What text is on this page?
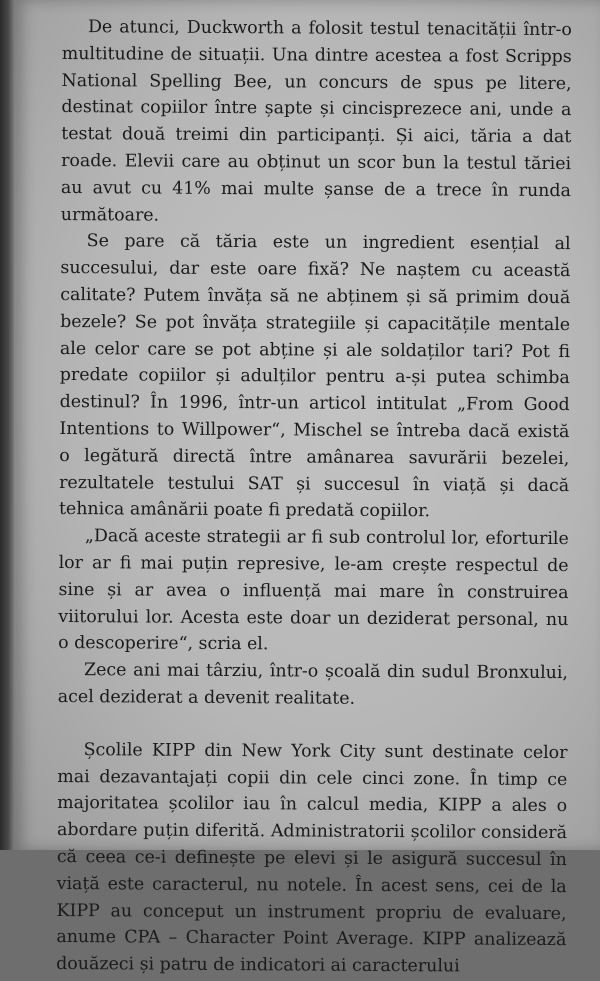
De atunci, Duckworth a folosit testul tenacității într-o multitudine de situații. Una dintre acestea a fost Scripps National Spelling Bee, un concurs de spus pe litere, destinat copiilor între șapte și cincisprezece ani, unde a testat două treimi din participanți. Și aici, tăria a dat roade. Elevii care au obținut un scor bun la testul tăriei au avut cu 41% mai multe șanse de a trece în runda următoare.

Se pare că tăria este un ingredient esențial al succesului, dar este oare fixă? Ne naștem cu această calitate? Putem învăța să ne abținem și să primim două bezele? Se pot învăța strategiile și capacitățile mentale ale celor care se pot abține și ale soldaților tari? Pot fi predate copiilor și adulților pentru a-și putea schimba destinul? În 1996, într-un articol intitulat „From Good Intentions to Willpower“, Mischel se întreba dacă există o legătură directă între amânarea savurării bezelei, rezultatele testului SAT și succesul în viață și dacă tehnica amânării poate fi predată copiilor.

„Dacă aceste strategii ar fi sub controlul lor, eforturile lor ar fi mai puțin represive, le-am crește respectul de sine și ar avea o influență mai mare în construirea viitorului lor. Acesta este doar un deziderat personal, nu o descoperire“, scria el.

Zece ani mai târziu, într-o școală din sudul Bronxului, acel deziderat a devenit realitate.

Școlile KIPP din New York City sunt destinate celor mai dezavantajați copii din cele cinci zone. În timp ce majoritatea școlilor iau în calcul media, KIPP a ales o abordare puțin diferită. Administratorii școlilor consideră că ceea ce-i definește pe elevi și le asigură succesul în viață este caracterul, nu notele. În acest sens, cei de la KIPP au conceput un instrument propriu de evaluare, anume CPA – Character Point Average. KIPP analizează douăzeci și patru de indicatori ai caracterului
